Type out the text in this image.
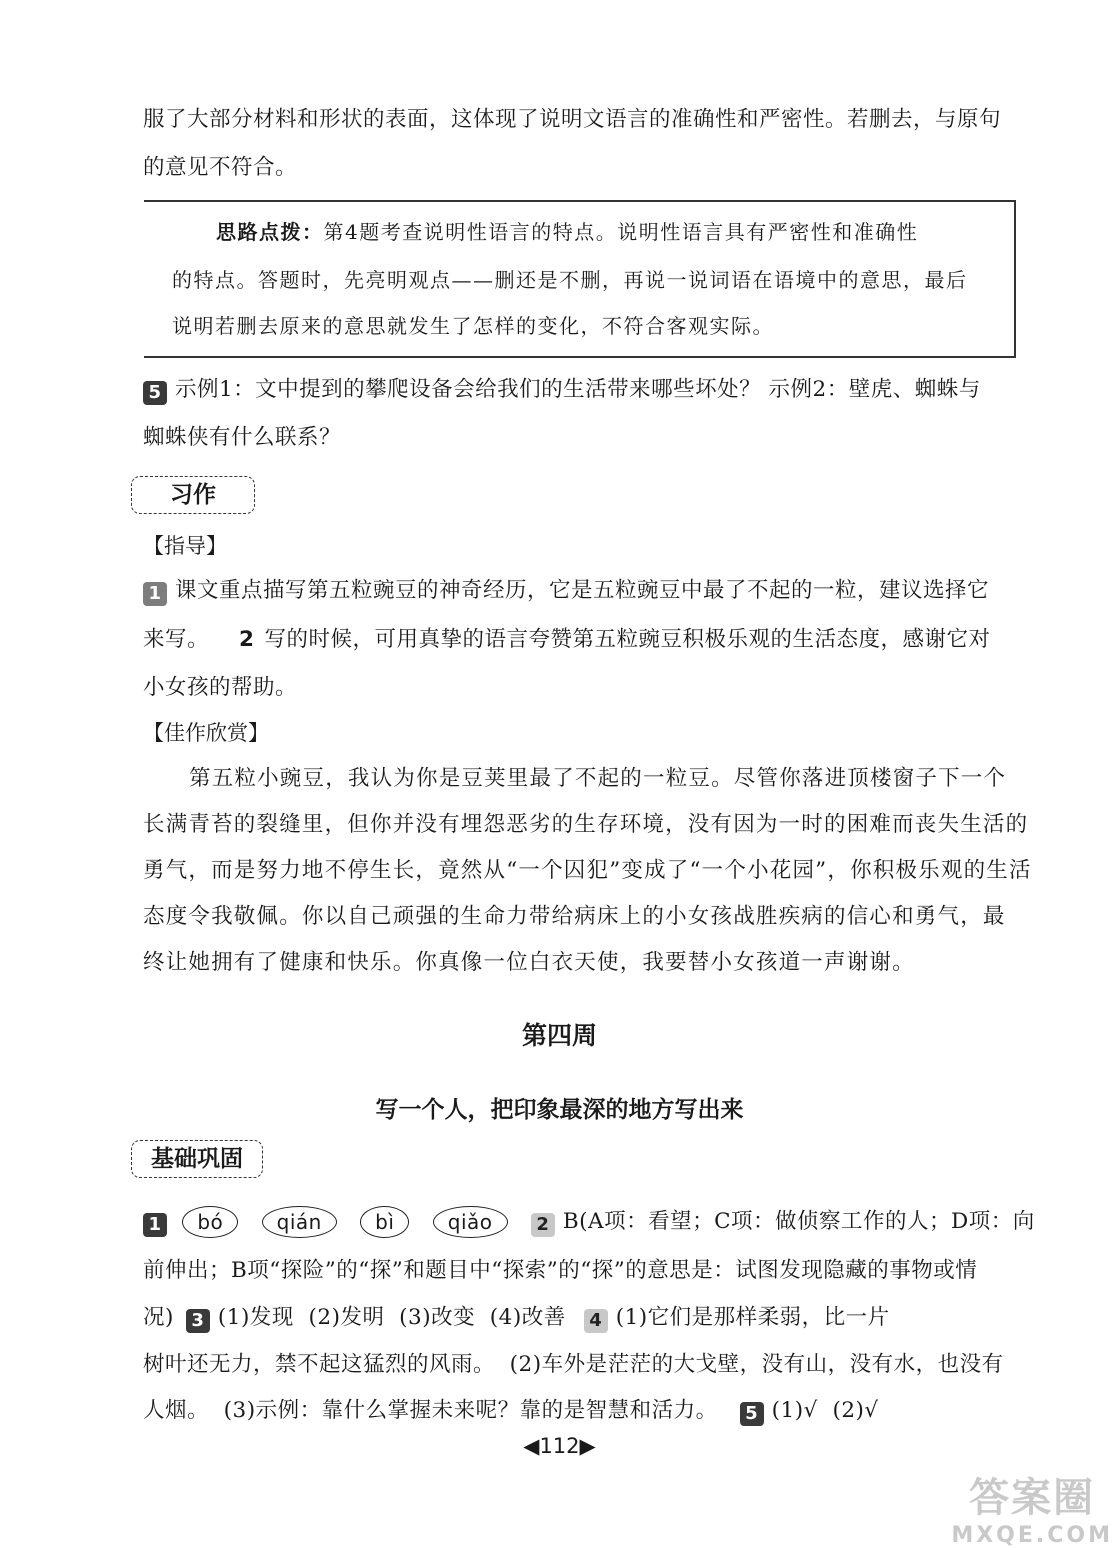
服了大部分材料和形状的表面，这体现了说明文语言的准确性和严密性。若删去，与原句
的意见不符合。
思路点拨：第4题考查说明性语言的特点。说明性语言具有严密性和准确性
的特点。答题时，先亮明观点——删还是不删，再说一说词语在语境中的意思，最后
说明若删去原来的意思就发生了怎样的变化，不符合客观实际。
5 示例1：文中提到的攀爬设备会给我们的生活带来哪些坏处？ 示例2：壁虎、蜘蛛与
蜘蛛侠有什么联系？
习作
【指导】
1 课文重点描写第五粒豌豆的神奇经历，它是五粒豌豆中最了不起的一粒，建议选择它
来写。 2 写的时候，可用真挚的语言夸赞第五粒豌豆积极乐观的生活态度，感谢它对
小女孩的帮助。
【佳作欣赏】
第五粒小豌豆，我认为你是豆荚里最了不起的一粒豆。尽管你落进顶楼窗子下一个
长满青苔的裂缝里，但你并没有埋怨恶劣的生存环境，没有因为一时的困难而丧失生活的
勇气，而是努力地不停生长，竟然从“一个囚犯”变成了“一个小花园”，你积极乐观的生活
态度令我敬佩。你以自己顽强的生命力带给病床上的小女孩战胜疾病的信心和勇气，最
终让她拥有了健康和快乐。你真像一位白衣天使，我要替小女孩道一声谢谢。
第四周
写一个人，把印象最深的地方写出来
基础巩固
1 bó	qián	bì	qiǎo 2 B(A项：看望；C项：做侦察工作的人；D项：向
前伸出；B项“探险”的“探”和题目中“探索”的“探”的意思是：试图发现隐藏的事物或情
况) 3 (1)发现  (2)发明  (3)改变  (4)改善 4 (1)它们是那样柔弱，比一片
树叶还无力，禁不起这猛烈的风雨。  (2)车外是茫茫的大戈壁，没有山，没有水，也没有
人烟。  (3)示例：靠什么掌握未来呢？靠的是智慧和活力。 5 (1)√  (2)√
◀112▶
答案圈
MXQE.COM
